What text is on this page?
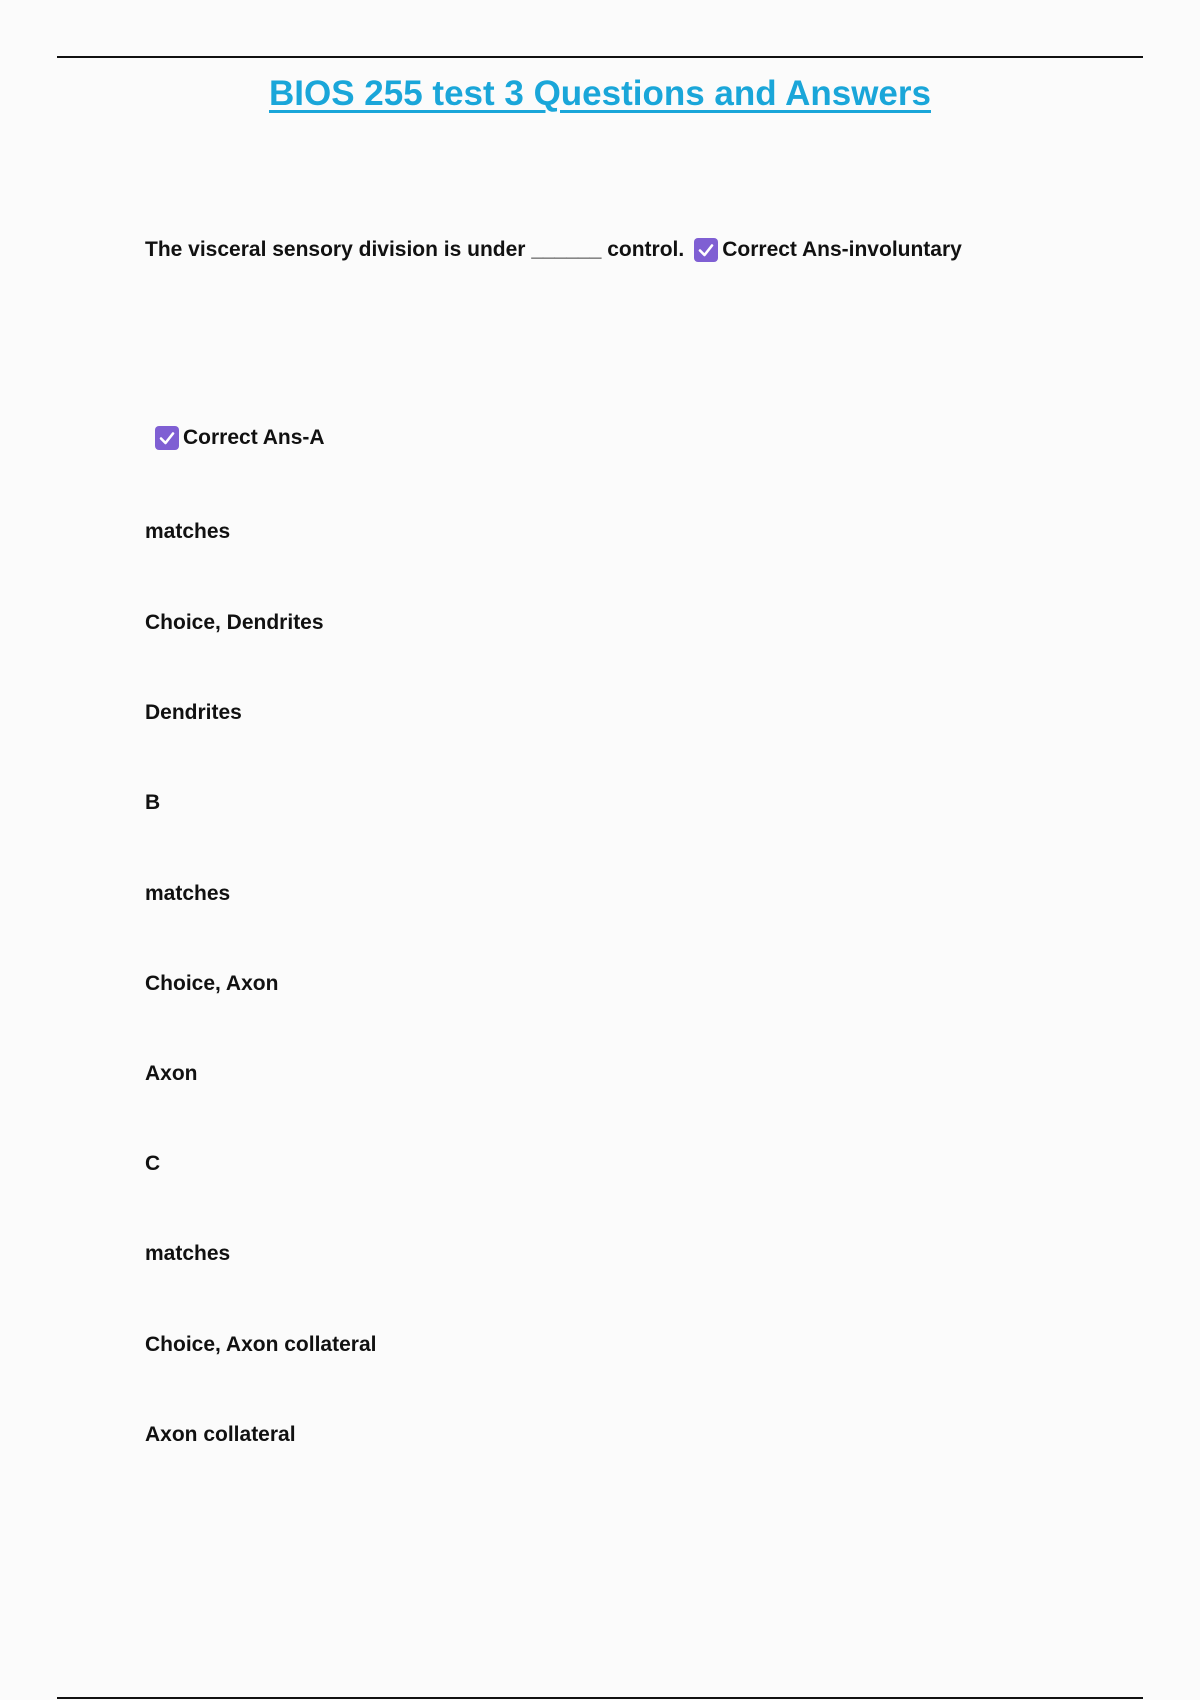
BIOS 255 test 3 Questions and Answers
The visceral sensory division is under ______ control. Correct Ans-involuntary
Correct Ans-A
matches
Choice, Dendrites
Dendrites
B
matches
Choice, Axon
Axon
C
matches
Choice, Axon collateral
Axon collateral
